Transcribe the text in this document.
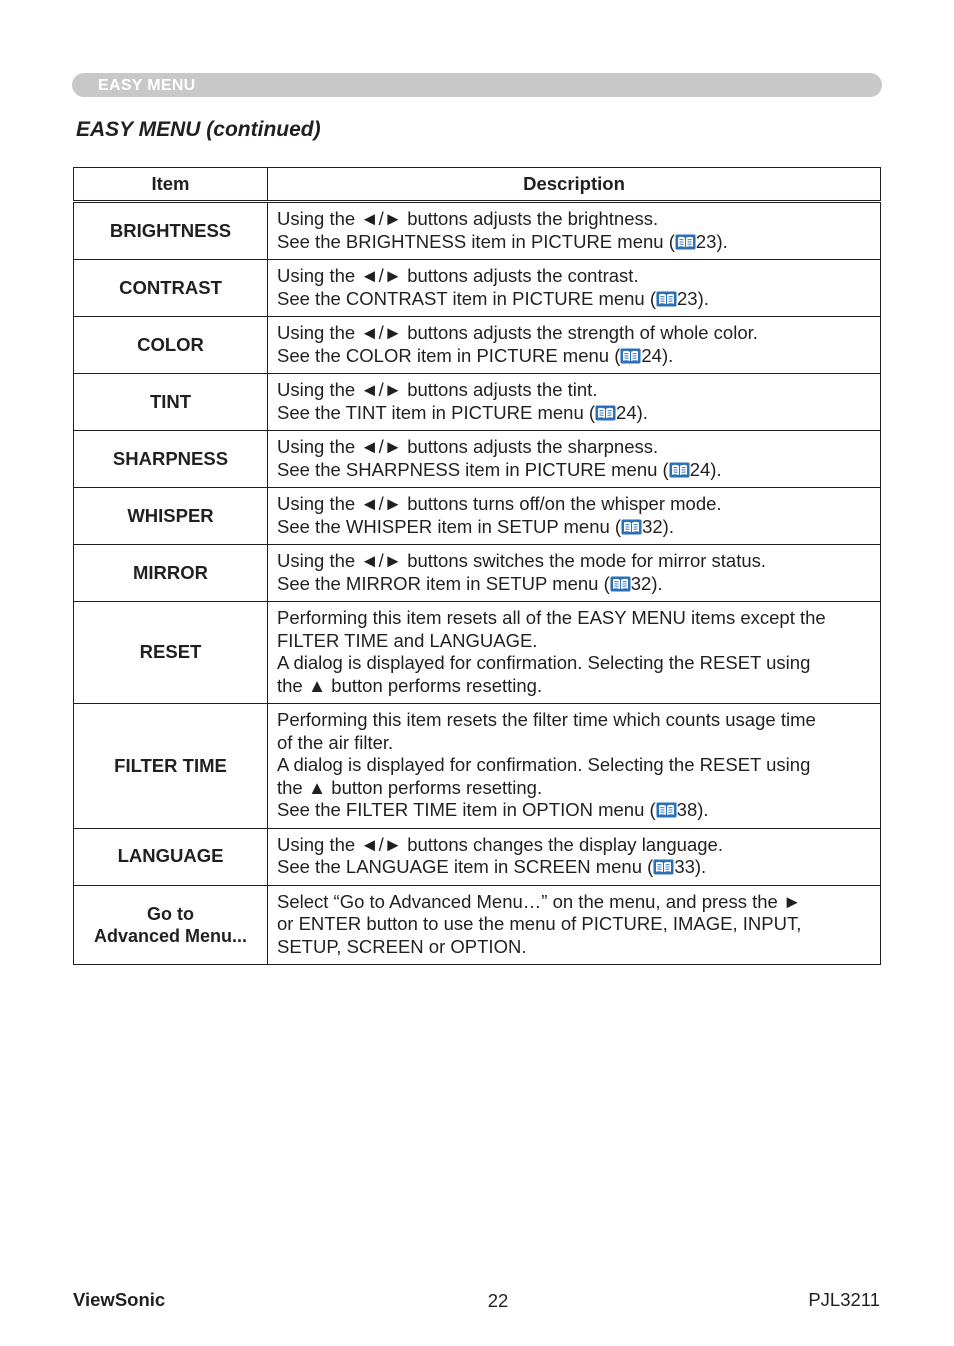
EASY MENU
EASY MENU (continued)
Item	Description
BRIGHTNESS	Using the ◄/► buttons adjusts the brightness.
See the BRIGHTNESS item in PICTURE menu ( 23).

CONTRAST	Using the ◄/► buttons adjusts the contrast.
See the CONTRAST item in PICTURE menu ( 23).

COLOR	Using the ◄/► buttons adjusts the strength of whole color.
See the COLOR item in PICTURE menu ( 24).

TINT	Using the ◄/► buttons adjusts the tint.
See the TINT item in PICTURE menu ( 24).

SHARPNESS	Using the ◄/► buttons adjusts the sharpness.
See the SHARPNESS item in PICTURE menu ( 24).

WHISPER	Using the ◄/► buttons turns off/on the whisper mode.
See the WHISPER item in SETUP menu ( 32).

MIRROR	Using the ◄/► buttons switches the mode for mirror status.
See the MIRROR item in SETUP menu ( 32).

RESET	Performing this item resets all of the EASY MENU items except the
FILTER TIME and LANGUAGE.
A dialog is displayed for confirmation. Selecting the RESET using
the ▲ button performs resetting.

FILTER TIME	Performing this item resets the filter time which counts usage time
of the air filter.
A dialog is displayed for confirmation. Selecting the RESET using
the ▲ button performs resetting.
See the FILTER TIME item in OPTION menu ( 38).

LANGUAGE	Using the ◄/► buttons changes the display language.
See the LANGUAGE item in SCREEN menu ( 33).

Go to
Advanced Menu...	Select “Go to Advanced Menu…” on the menu, and press the ►
or ENTER button to use the menu of PICTURE, IMAGE, INPUT,
SETUP, SCREEN or OPTION.
ViewSonic	22	PJL3211
